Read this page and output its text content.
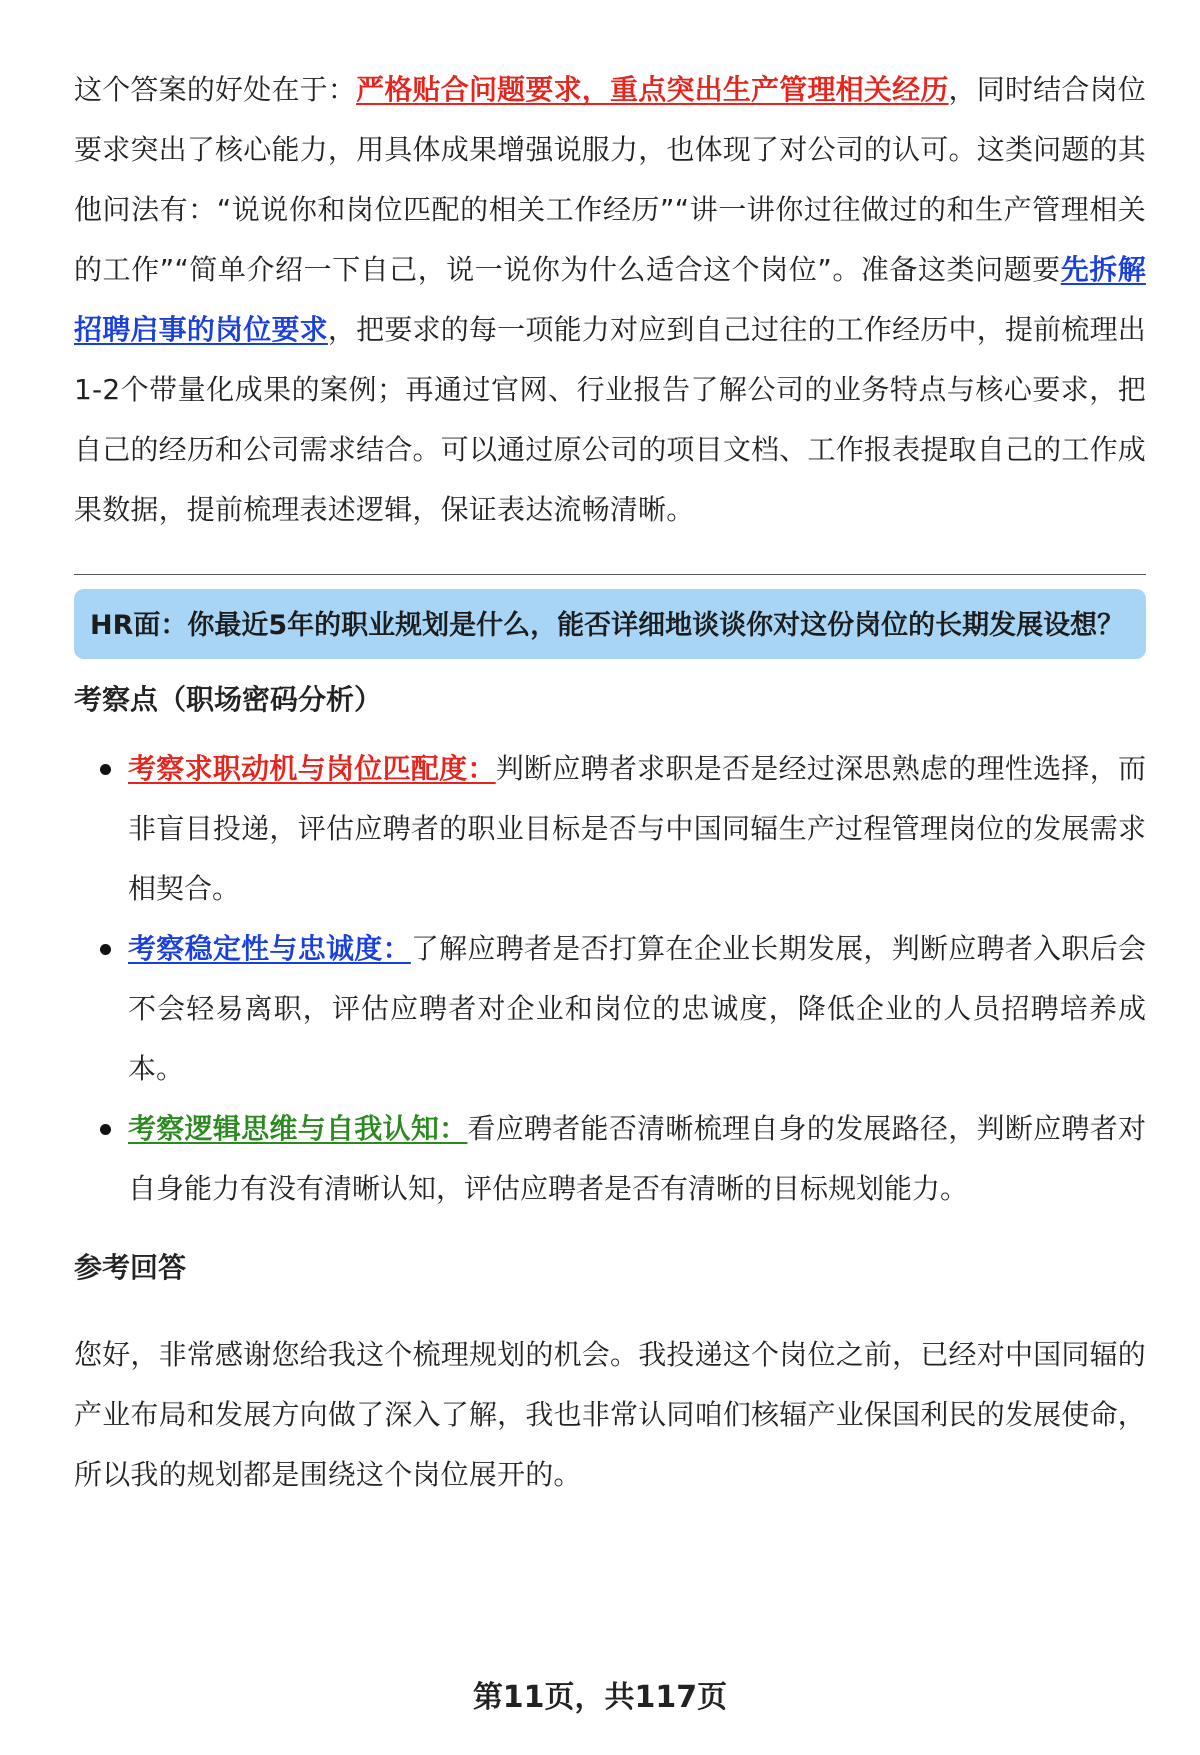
这个答案的好处在于：严格贴合问题要求，重点突出生产管理相关经历，同时结合岗位要求突出了核心能力，用具体成果增强说服力，也体现了对公司的认可。这类问题的其他问法有：“说说你和岗位匹配的相关工作经历”“讲一讲你过往做过的和生产管理相关的工作”“简单介绍一下自己，说一说你为什么适合这个岗位”。准备这类问题要先拆解招聘启事的岗位要求，把要求的每一项能力对应到自己过往的工作经历中，提前梳理出1-2个带量化成果的案例；再通过官网、行业报告了解公司的业务特点与核心要求，把自己的经历和公司需求结合。可以通过原公司的项目文档、工作报表提取自己的工作成果数据，提前梳理表述逻辑，保证表达流畅清晰。

HR面：你最近5年的职业规划是什么，能否详细地谈谈你对这份岗位的长期发展设想？
考察点（职场密码分析）
考察求职动机与岗位匹配度：判断应聘者求职是否是经过深思熟虑的理性选择，而非盲目投递，评估应聘者的职业目标是否与中国同辐生产过程管理岗位的发展需求相契合。
考察稳定性与忠诚度：了解应聘者是否打算在企业长期发展，判断应聘者入职后会不会轻易离职，评估应聘者对企业和岗位的忠诚度，降低企业的人员招聘培养成本。
考察逻辑思维与自我认知：看应聘者能否清晰梳理自身的发展路径，判断应聘者对自身能力有没有清晰认知，评估应聘者是否有清晰的目标规划能力。
参考回答

您好，非常感谢您给我这个梳理规划的机会。我投递这个岗位之前，已经对中国同辐的产业布局和发展方向做了深入了解，我也非常认同咱们核辐产业保国利民的发展使命，所以我的规划都是围绕这个岗位展开的。

第11页，共117页
